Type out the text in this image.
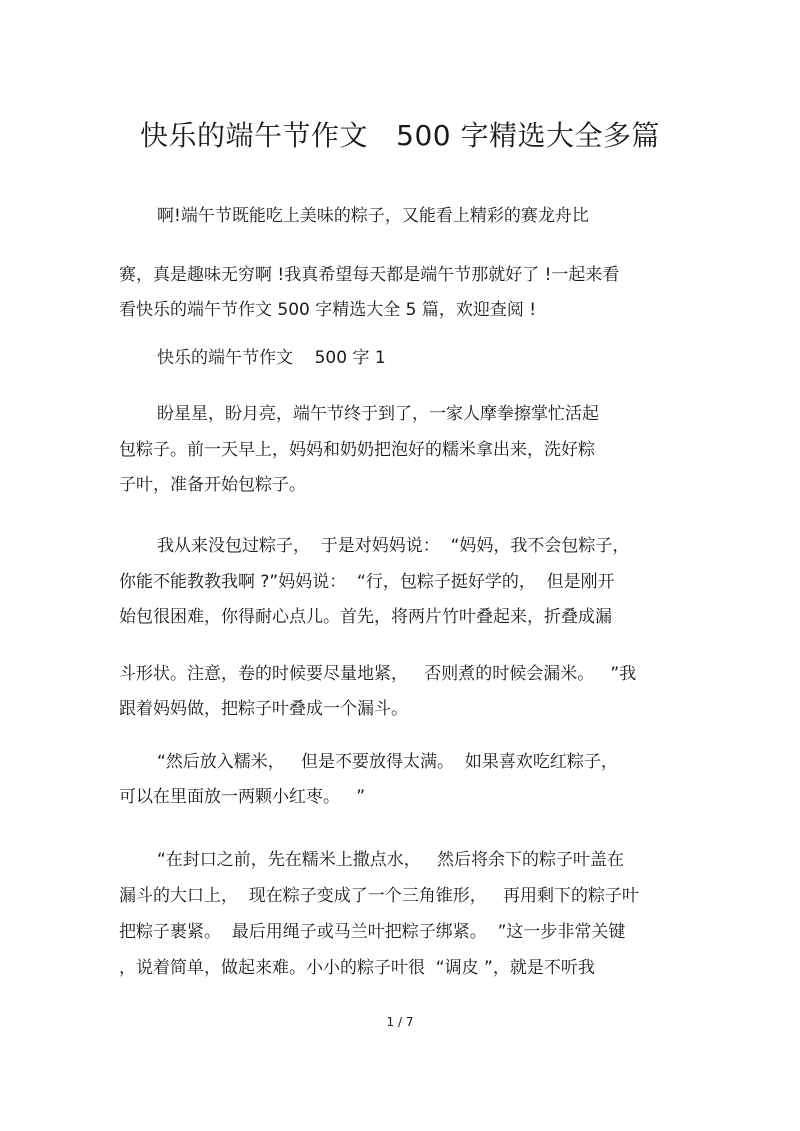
快乐的端午节作文   500 字精选大全多篇
啊!端午节既能吃上美味的粽子，又能看上精彩的赛龙舟比
赛，真是趣味无穷啊 !我真希望每天都是端午节那就好了 !一起来看
看快乐的端午节作文 500 字精选大全 5 篇，欢迎查阅 !
快乐的端午节作文    500 字 1
盼星星，盼月亮，端午节终于到了，一家人摩拳擦掌忙活起
包粽子。前一天早上，妈妈和奶奶把泡好的糯米拿出来，洗好粽
子叶，准备开始包粽子。
我从来没包过粽子，  于是对妈妈说：  “妈妈，我不会包粽子，
你能不能教教我啊 ?”妈妈说：  “行，包粽子挺好学的，  但是刚开
始包很困难，你得耐心点儿。首先，将两片竹叶叠起来，折叠成漏
斗形状。注意，卷的时候要尽量地紧，   否则煮的时候会漏米。   ”我
跟着妈妈做，把粽子叶叠成一个漏斗。
“然后放入糯米，   但是不要放得太满。  如果喜欢吃红粽子，
可以在里面放一两颗小红枣。   ”
“在封口之前，先在糯米上撒点水，   然后将余下的粽子叶盖在
漏斗的大口上，  现在粽子变成了一个三角锥形，   再用剩下的粽子叶
把粽子裹紧。  最后用绳子或马兰叶把粽子绑紧。  ”这一步非常关键
，说着简单，做起来难。小小的粽子叶很  “调皮 ”，就是不听我
1 / 7
